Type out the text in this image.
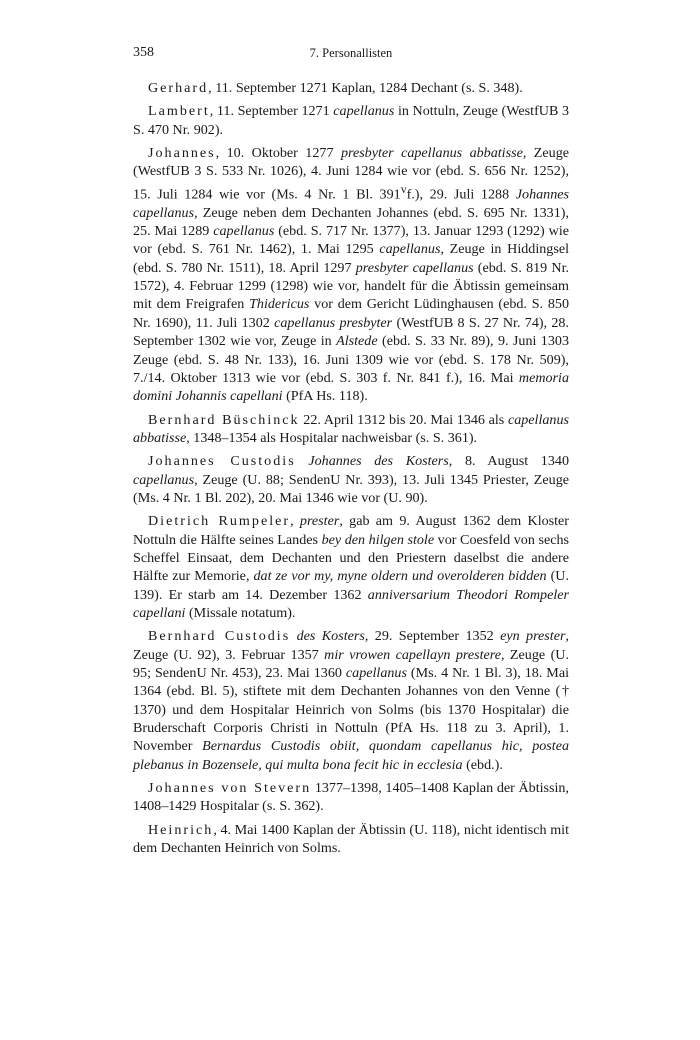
358	7. Personallisten

Gerhard, 11. September 1271 Kaplan, 1284 Dechant (s. S. 348).

Lambert, 11. September 1271 capellanus in Nottuln, Zeuge (WestfUB 3 S. 470 Nr. 902).

Johannes, 10. Oktober 1277 presbyter capellanus abbatisse, Zeuge (WestfUB 3 S. 533 Nr. 1026), 4. Juni 1284 wie vor (ebd. S. 656 Nr. 1252), 15. Juli 1284 wie vor (Ms. 4 Nr. 1 Bl. 391$^v$f.), 29. Juli 1288 Johannes capellanus, Zeuge neben dem Dechanten Johannes (ebd. S. 695 Nr. 1331), 25. Mai 1289 capellanus (ebd. S. 717 Nr. 1377), 13. Januar 1293 (1292) wie vor (ebd. S. 761 Nr. 1462), 1. Mai 1295 capellanus, Zeuge in Hiddingsel (ebd. S. 780 Nr. 1511), 18. April 1297 presbyter capellanus (ebd. S. 819 Nr. 1572), 4. Februar 1299 (1298) wie vor, handelt für die Äbtissin gemeinsam mit dem Freigrafen Thidericus vor dem Gericht Lüdinghausen (ebd. S. 850 Nr. 1690), 11. Juli 1302 capellanus presbyter (WestfUB 8 S. 27 Nr. 74), 28. September 1302 wie vor, Zeuge in Alstede (ebd. S. 33 Nr. 89), 9. Juni 1303 Zeuge (ebd. S. 48 Nr. 133), 16. Juni 1309 wie vor (ebd. S. 178 Nr. 509), 7./14. Oktober 1313 wie vor (ebd. S. 303 f. Nr. 841 f.), 16. Mai memoria domini Johannis capellani (PfA Hs. 118).

Bernhard Büschinck 22. April 1312 bis 20. Mai 1346 als capellanus abbatisse, 1348–1354 als Hospitalar nachweisbar (s. S. 361).

Johannes Custodis Johannes des Kosters, 8. August 1340 capellanus, Zeuge (U. 88; SendenU Nr. 393), 13. Juli 1345 Priester, Zeuge (Ms. 4 Nr. 1 Bl. 202), 20. Mai 1346 wie vor (U. 90).

Dietrich Rumpeler, prester, gab am 9. August 1362 dem Kloster Nottuln die Hälfte seines Landes bey den hilgen stole vor Coesfeld von sechs Scheffel Einsaat, dem Dechanten und den Priestern daselbst die andere Hälfte zur Memorie, dat ze vor my, myne oldern und overolderen bidden (U. 139). Er starb am 14. Dezember 1362 anniversarium Theodori Rompeler capellani (Missale notatum).

Bernhard Custodis des Kosters, 29. September 1352 eyn prester, Zeuge (U. 92), 3. Februar 1357 mir vrowen capellayn prestere, Zeuge (U. 95; SendenU Nr. 453), 23. Mai 1360 capellanus (Ms. 4 Nr. 1 Bl. 3), 18. Mai 1364 (ebd. Bl. 5), stiftete mit dem Dechanten Johannes von den Venne († 1370) und dem Hospitalar Heinrich von Solms (bis 1370 Hospitalar) die Bruderschaft Corporis Christi in Nottuln (PfA Hs. 118 zu 3. April), 1. November Bernardus Custodis obiit, quondam capellanus hic, postea plebanus in Bozensele, qui multa bona fecit hic in ecclesia (ebd.).

Johannes von Stevern 1377–1398, 1405–1408 Kaplan der Äbtissin, 1408–1429 Hospitalar (s. S. 362).

Heinrich, 4. Mai 1400 Kaplan der Äbtissin (U. 118), nicht identisch mit dem Dechanten Heinrich von Solms.
